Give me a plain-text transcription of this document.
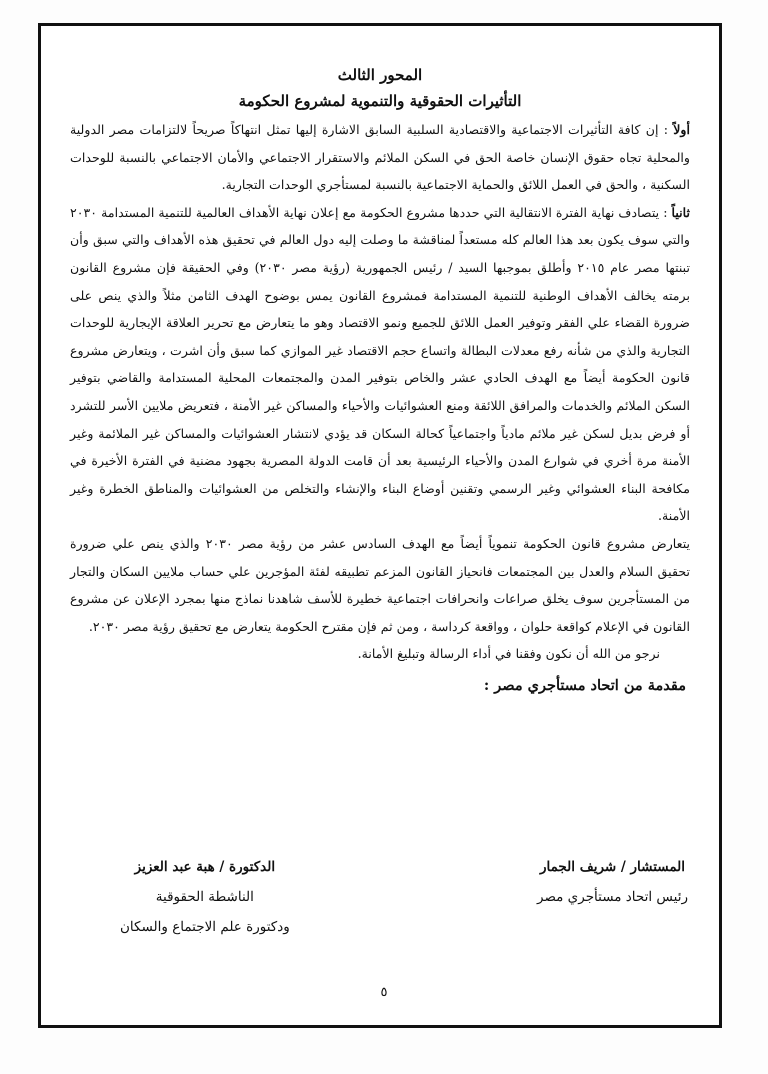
المحور الثالث
التأثيرات الحقوقية والتنموية لمشروع الحكومة

أولاً : إن كافة التأثيرات الاجتماعية والاقتصادية السلبية السابق الاشارة إليها تمثل انتهاكاً صريحاً لالتزامات مصر الدولية والمحلية تجاه حقوق الإنسان خاصة الحق في السكن الملائم والاستقرار الاجتماعي والأمان الاجتماعي بالنسبة للوحدات السكنية ، والحق في العمل اللائق والحماية الاجتماعية بالنسبة لمستأجري الوحدات التجارية.

ثانياً : يتصادف نهاية الفترة الانتقالية التي حددها مشروع الحكومة مع إعلان نهاية الأهداف العالمية للتنمية المستدامة ٢٠٣٠ والتي سوف يكون بعد هذا العالم كله مستعداً لمناقشة ما وصلت إليه دول العالم في تحقيق هذه الأهداف والتي سبق وأن تبنتها مصر عام ٢٠١٥ وأطلق بموجبها السيد / رئيس الجمهورية (رؤية مصر ٢٠٣٠) وفي الحقيقة فإن مشروع القانون برمته يخالف الأهداف الوطنية للتنمية المستدامة فمشروع القانون يمس بوضوح الهدف الثامن مثلاً والذي ينص على ضرورة القضاء علي الفقر وتوفير العمل اللائق للجميع ونمو الاقتصاد وهو ما يتعارض مع تحرير العلاقة الإيجارية للوحدات التجارية والذي من شأنه رفع معدلات البطالة واتساع حجم الاقتصاد غير الموازي كما سبق وأن اشرت ، ويتعارض مشروع قانون الحكومة أيضاً مع الهدف الحادي عشر والخاص بتوفير المدن والمجتمعات المحلية المستدامة والقاضي بتوفير السكن الملائم والخدمات والمرافق اللائقة ومنع العشوائيات والأحياء والمساكن غير الأمنة ، فتعريض ملايين الأسر للتشرد أو فرض بديل لسكن غير ملائم مادياً واجتماعياً كحالة السكان قد يؤدي لانتشار العشوائيات والمساكن غير الملائمة وغير الأمنة مرة أخري في شوارع المدن والأحياء الرئيسية بعد أن قامت الدولة المصرية بجهود مضنية في الفترة الأخيرة في مكافحة البناء العشوائي وغير الرسمي وتقنين أوضاع البناء والإنشاء والتخلص من العشوائيات والمناطق الخطرة وغير الأمنة.

يتعارض مشروع قانون الحكومة تنموياً أيضاً مع الهدف السادس عشر من رؤية مصر ٢٠٣٠ والذي ينص علي ضرورة تحقيق السلام والعدل بين المجتمعات فانحياز القانون المزعم تطبيقه لفئة المؤجرين علي حساب ملايين السكان والتجار من المستأجرين سوف يخلق صراعات وانحرافات اجتماعية خطيرة للأسف شاهدنا نماذج منها بمجرد الإعلان عن مشروع القانون في الإعلام كواقعة حلوان ، وواقعة كرداسة ، ومن ثم فإن مقترح الحكومة يتعارض مع تحقيق رؤية مصر ٢٠٣٠.

نرجو من الله أن نكون وفقنا في أداء الرسالة وتبليغ الأمانة.
مقدمة من اتحاد مستأجري مصر :
المستشار / شريف الجمار
رئيس اتحاد مستأجري مصر
الدكتورة / هبة عبد العزيز
الناشطة الحقوقية
ودكتورة علم الاجتماع والسكان
٥
